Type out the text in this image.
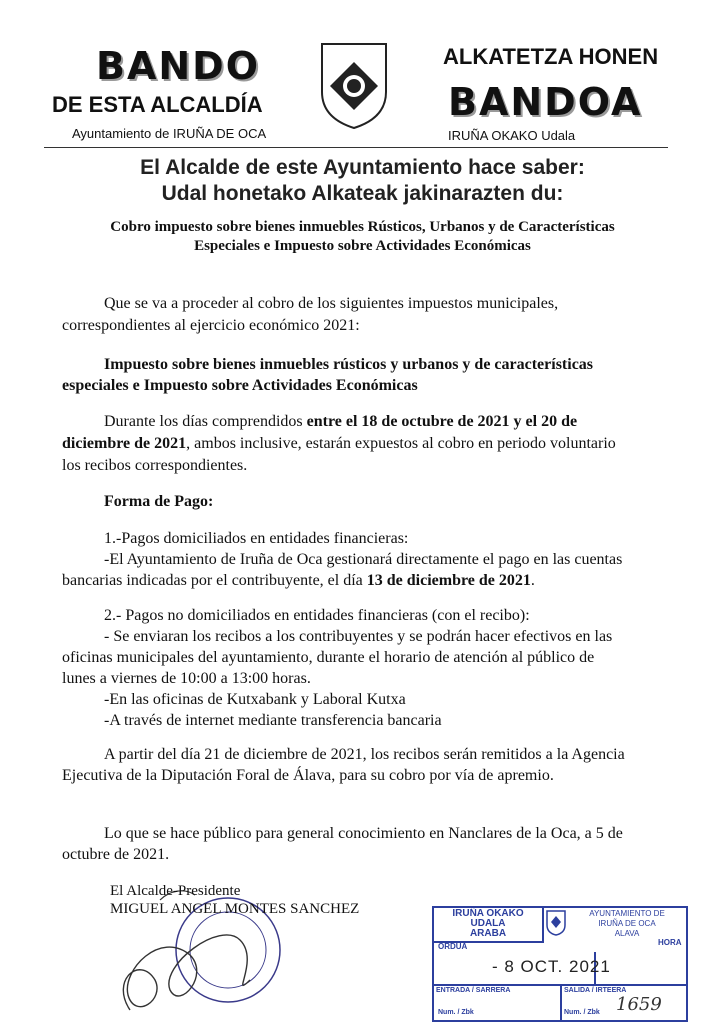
BANDO
DE ESTA ALCALDÍA
Ayuntamiento de IRUÑA DE OCA
ALKATETZA HONEN
BANDOA
IRUÑA OKAKO Udala
El Alcalde de este Ayuntamiento hace saber:
Udal honetako Alkateak jakinarazten du:
Cobro impuesto sobre bienes inmuebles Rústicos, Urbanos y de Características
Especiales e Impuesto sobre Actividades Económicas
Que se va a proceder al cobro de los siguientes impuestos municipales,
correspondientes al ejercicio económico 2021:
Impuesto sobre bienes inmuebles rústicos y urbanos y de características
especiales e Impuesto sobre Actividades Económicas
Durante los días comprendidos entre el 18 de octubre de 2021 y el 20 de
diciembre de 2021, ambos inclusive, estarán expuestos al cobro en periodo voluntario
los recibos correspondientes.
Forma de Pago:
1.-Pagos domiciliados en entidades financieras:
-El Ayuntamiento de Iruña de Oca gestionará directamente el pago en las cuentas
bancarias indicadas por el contribuyente, el día 13 de diciembre de 2021.
2.- Pagos no domiciliados en entidades financieras (con el recibo):
- Se enviaran los recibos a los contribuyentes y se podrán hacer efectivos en las
oficinas municipales del ayuntamiento, durante el horario de atención al público de
lunes a viernes de 10:00 a 13:00 horas.
-En las oficinas de Kutxabank y Laboral Kutxa
-A través de internet mediante transferencia bancaria
A partir del día 21 de diciembre de 2021, los recibos serán remitidos a la Agencia
Ejecutiva de la Diputación Foral de Álava, para su cobro por vía de apremio.
Lo que se hace público para general conocimiento en Nanclares de la Oca, a 5 de
octubre de 2021.
El Alcalde-Presidente
MIGUEL ANGEL MONTES SANCHEZ	IRUÑA OKAKO
UDALA
ARABA
AYUNTAMIENTO DE
IRUÑA DE OCA
ALAVA
ORDUA	HORA
- 8 OCT. 2021
ENTRADA / SARRERA	SALIDA / IRTEERA
Num. / Zbk	Num. / Zbk 1659
